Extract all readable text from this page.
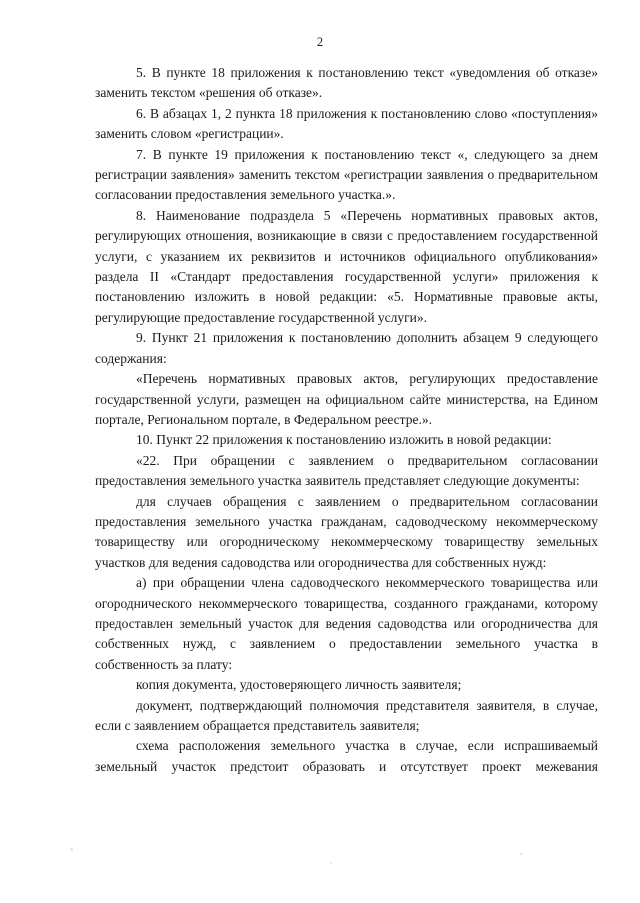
2

5. В пункте 18 приложения к постановлению текст «уведомления об отказе» заменить текстом «решения об отказе».

6. В абзацах 1, 2 пункта 18 приложения к постановлению слово «поступления» заменить словом «регистрации».

7. В пункте 19 приложения к постановлению текст «, следующего за днем регистрации заявления» заменить текстом «регистрации заявления о предварительном согласовании предоставления земельного участка.».

8. Наименование подраздела 5 «Перечень нормативных правовых актов, регулирующих отношения, возникающие в связи с предоставлением государственной услуги, с указанием их реквизитов и источников официального опубликования» раздела II «Стандарт предоставления государственной услуги» приложения к постановлению изложить в новой редакции: «5. Нормативные правовые акты, регулирующие предоставление государственной услуги».

9. Пункт 21 приложения к постановлению дополнить абзацем 9 следующего содержания:

«Перечень нормативных правовых актов, регулирующих предоставление государственной услуги, размещен на официальном сайте министерства, на Едином портале, Региональном портале, в Федеральном реестре.».

10. Пункт 22 приложения к постановлению изложить в новой редакции:

«22. При обращении с заявлением о предварительном согласовании предоставления земельного участка заявитель представляет следующие документы:

для случаев обращения с заявлением о предварительном согласовании предоставления земельного участка гражданам, садоводческому некоммерческому товариществу или огородническому некоммерческому товариществу земельных участков для ведения садоводства или огородничества для собственных нужд:

а) при обращении члена садоводческого некоммерческого товарищества или огороднического некоммерческого товарищества, созданного гражданами, которому предоставлен земельный участок для ведения садоводства или огородничества для собственных нужд, с заявлением о предоставлении земельного участка в собственность за плату:

копия документа, удостоверяющего личность заявителя;

документ, подтверждающий полномочия представителя заявителя, в случае, если с заявлением обращается представитель заявителя;

схема расположения земельного участка в случае, если испрашиваемый земельный участок предстоит образовать и отсутствует проект межевания
